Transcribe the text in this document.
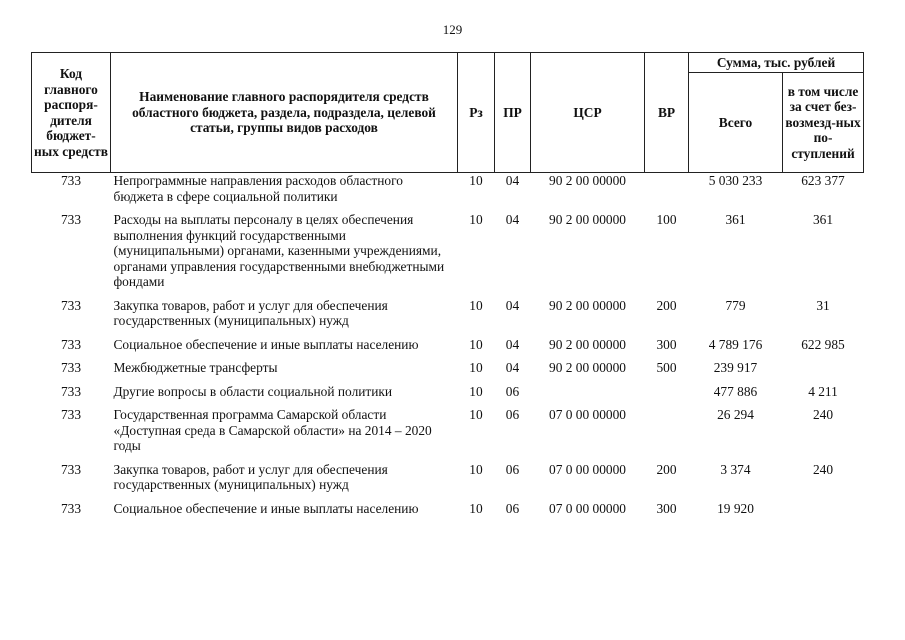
129
Код главного распоря-дителя бюджет-ных средств	Наименование главного распорядителя средств областного бюджета, раздела, подраздела, целевой статьи, группы видов расходов	Рз	ПР	ЦСР	ВР	Сумма, тыс. рублей	
						Всего	в том числе за счет без-возмезд-ных по-ступлений
733	Непрограммные направления расходов областного бюджета в сфере социальной политики	10	04	90 2 00 00000		5 030 233	623 377
733	Расходы на выплаты персоналу в целях обеспечения выполнения функций государственными (муниципальными) органами, казенными учреждениями, органами управления государственными внебюджетными фондами	10	04	90 2 00 00000	100	361	361
733	Закупка товаров, работ и услуг для обеспечения государственных (муниципальных) нужд	10	04	90 2 00 00000	200	779	31
733	Социальное обеспечение и иные выплаты населению	10	04	90 2 00 00000	300	4 789 176	622 985
733	Межбюджетные трансферты	10	04	90 2 00 00000	500	239 917	
733	Другие вопросы в области социальной политики	10	06			477 886	4 211
733	Государственная программа Самарской области «Доступная среда в Самарской области» на 2014 – 2020 годы	10	06	07 0 00 00000		26 294	240
733	Закупка товаров, работ и услуг для обеспечения государственных (муниципальных) нужд	10	06	07 0 00 00000	200	3 374	240
733	Социальное обеспечение и иные выплаты населению	10	06	07 0 00 00000	300	19 920	
